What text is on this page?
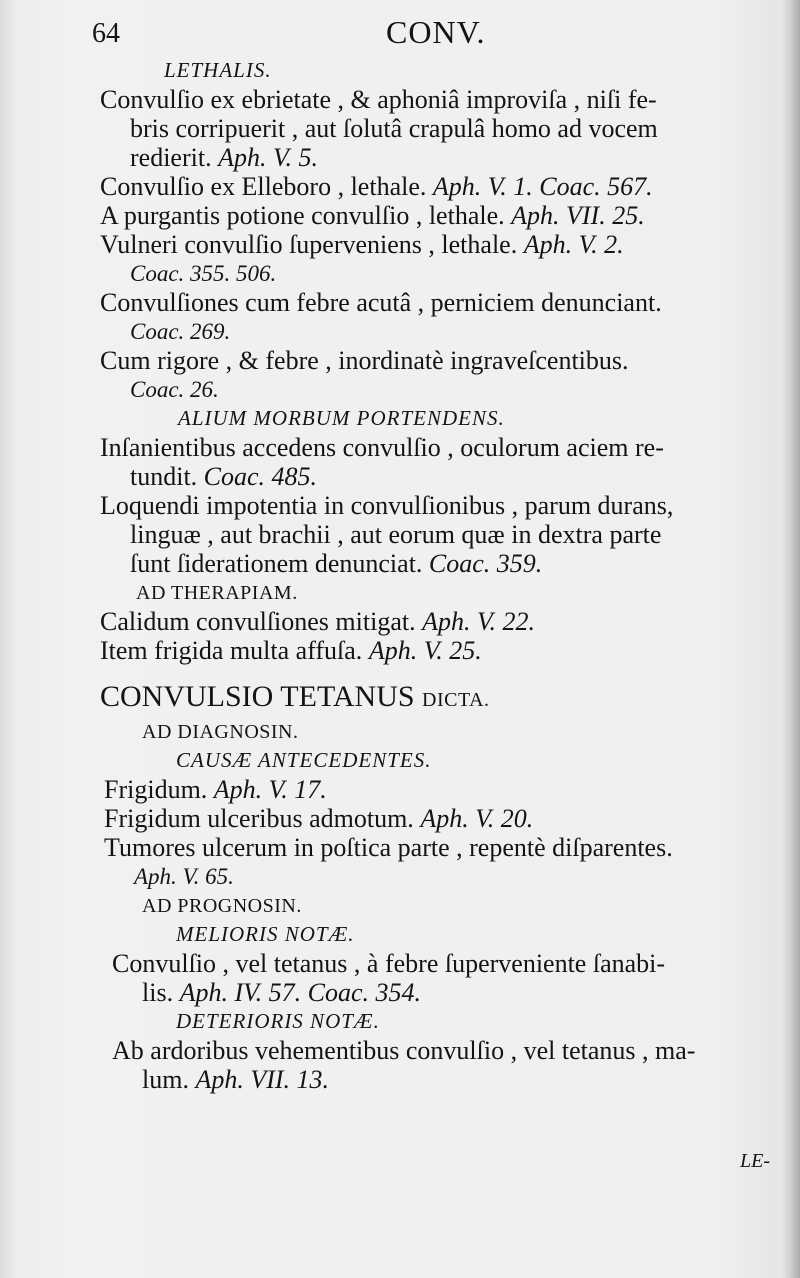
64	CONV.
LETHALIS.
Convulſio ex ebrietate , & aphoniâ improviſa , niſi fe-
bris corripuerit , aut ſolutâ crapulâ homo ad vocem
redierit. Aph. V. 5.
Convulſio ex Elleboro , lethale. Aph. V. 1. Coac. 567.
A purgantis potione convulſio , lethale. Aph. VII. 25.
Vulneri convulſio ſuperveniens , lethale. Aph. V. 2.
Coac. 355. 506.
Convulſiones cum febre acutâ , perniciem denunciant.
Coac. 269.
Cum rigore , & febre , inordinatè ingraveſcentibus.
Coac. 26.
ALIUM MORBUM PORTENDENS.
Inſanientibus accedens convulſio , oculorum aciem re-
tundit. Coac. 485.
Loquendi impotentia in convulſionibus , parum durans,
linguæ , aut brachii , aut eorum quæ in dextra parte
ſunt ſiderationem denunciat. Coac. 359.
AD THERAPIAM.
Calidum convulſiones mitigat. Aph. V. 22.
Item frigida multa affuſa. Aph. V. 25.
CONVULSIO TETANUS DICTA.
AD DIAGNOSIN.
CAUSÆ ANTECEDENTES.
Frigidum. Aph. V. 17.
Frigidum ulceribus admotum. Aph. V. 20.
Tumores ulcerum in poſtica parte , repentè diſparentes.
Aph. V. 65.
AD PROGNOSIN.
MELIORIS NOTÆ.
Convulſio , vel tetanus , à febre ſuperveniente ſanabi-
lis. Aph. IV. 57. Coac. 354.
DETERIORIS NOTÆ.
Ab ardoribus vehementibus convulſio , vel tetanus , ma-
lum. Aph. VII. 13.
LE-
